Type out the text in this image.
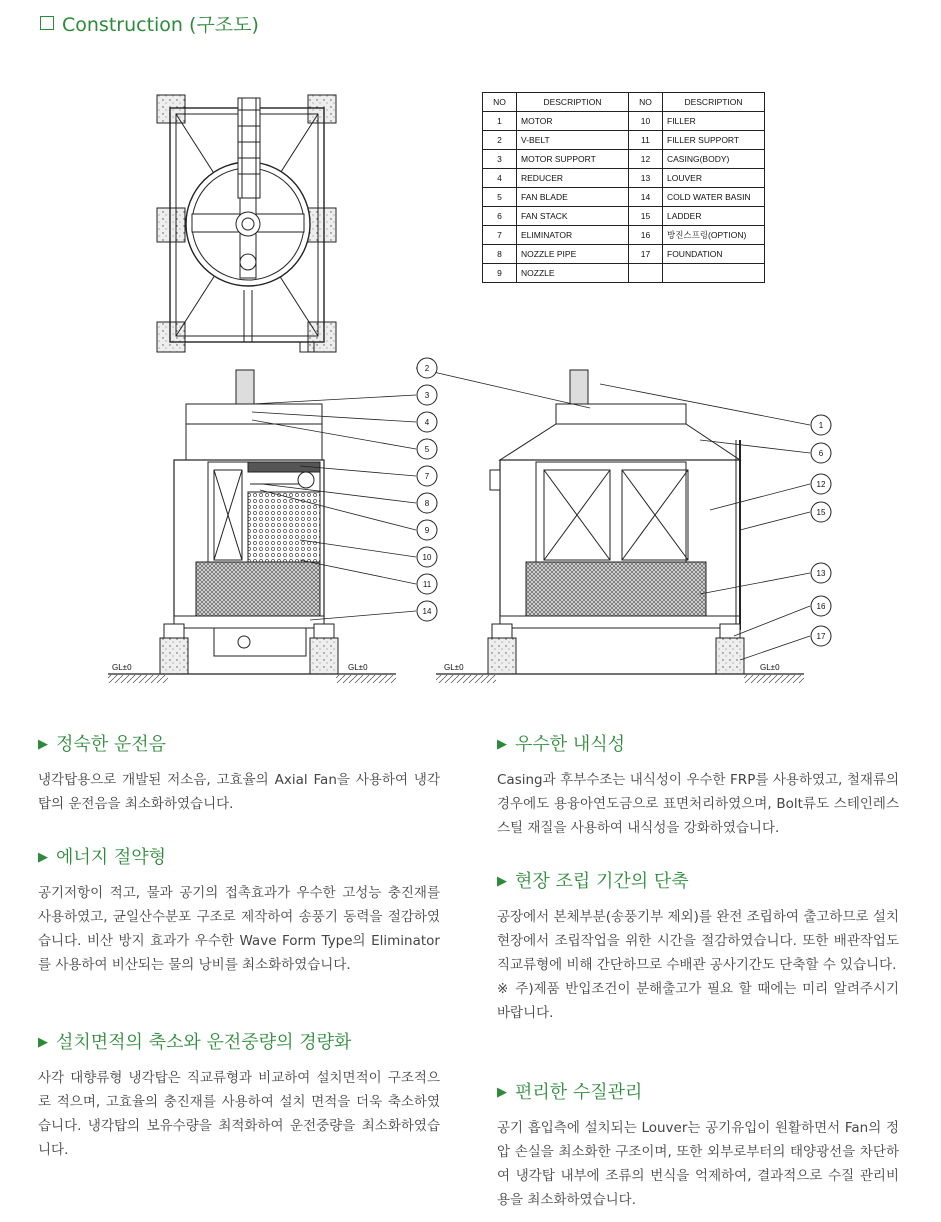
Construction (구조도)
GL±0	GL±0	GL±0	GL±0
2
3
4
5
7
8
9
10
11
14
1
6
12
15
13
16
17
NO	DESCRIPTION	NO	DESCRIPTION
1	MOTOR	10	FILLER
2	V-BELT	11	FILLER SUPPORT
3	MOTOR SUPPORT	12	CASING(BODY)
4	REDUCER	13	LOUVER
5	FAN BLADE	14	COLD WATER BASIN
6	FAN STACK	15	LADDER
7	ELIMINATOR	16	방진스프링(OPTION)
8	NOZZLE PIPE	17	FOUNDATION
9	NOZZLE		
▶ 정숙한 운전음

냉각탑용으로 개발된 저소음, 고효율의 Axial Fan을 사용하여 냉각탑의 운전음을 최소화하였습니다.

▶ 에너지 절약형

공기저항이 적고, 물과 공기의 접촉효과가 우수한 고성능 충진재를 사용하였고, 균일산수분포 구조로 제작하여 송풍기 동력을 절감하였습니다. 비산 방지 효과가 우수한 Wave Form Type의 Eliminator를 사용하여 비산되는 물의 낭비를 최소화하였습니다.

▶ 설치면적의 축소와 운전중량의 경량화

사각 대향류형 냉각탑은 직교류형과 비교하여 설치면적이 구조적으로 적으며, 고효율의 충진재를 사용하여 설치 면적을 더욱 축소하였습니다. 냉각탑의 보유수량을 최적화하여 운전중량을 최소화하였습니다.

▶ 우수한 내식성

Casing과 후부수조는 내식성이 우수한 FRP를 사용하였고, 철재류의 경우에도 용융아연도금으로 표면처리하였으며, Bolt류도 스테인레스 스틸 재질을 사용하여 내식성을 강화하였습니다.

▶ 현장 조립 기간의 단축

공장에서 본체부분(송풍기부 제외)를 완전 조립하여 출고하므로 설치현장에서 조립작업을 위한 시간을 절감하였습니다. 또한 배관작업도 직교류형에 비해 간단하므로 수배관 공사기간도 단축할 수 있습니다.

※ 주)제품 반입조건이 분해출고가 필요 할 때에는 미리 알려주시기 바랍니다.

▶ 편리한 수질관리

공기 흡입측에 설치되는 Louver는 공기유입이 원활하면서 Fan의 정압 손실을 최소화한 구조이며, 또한 외부로부터의 태양광선을 차단하여 냉각탑 내부에 조류의 번식을 억제하여, 결과적으로 수질 관리비용을 최소화하였습니다.
